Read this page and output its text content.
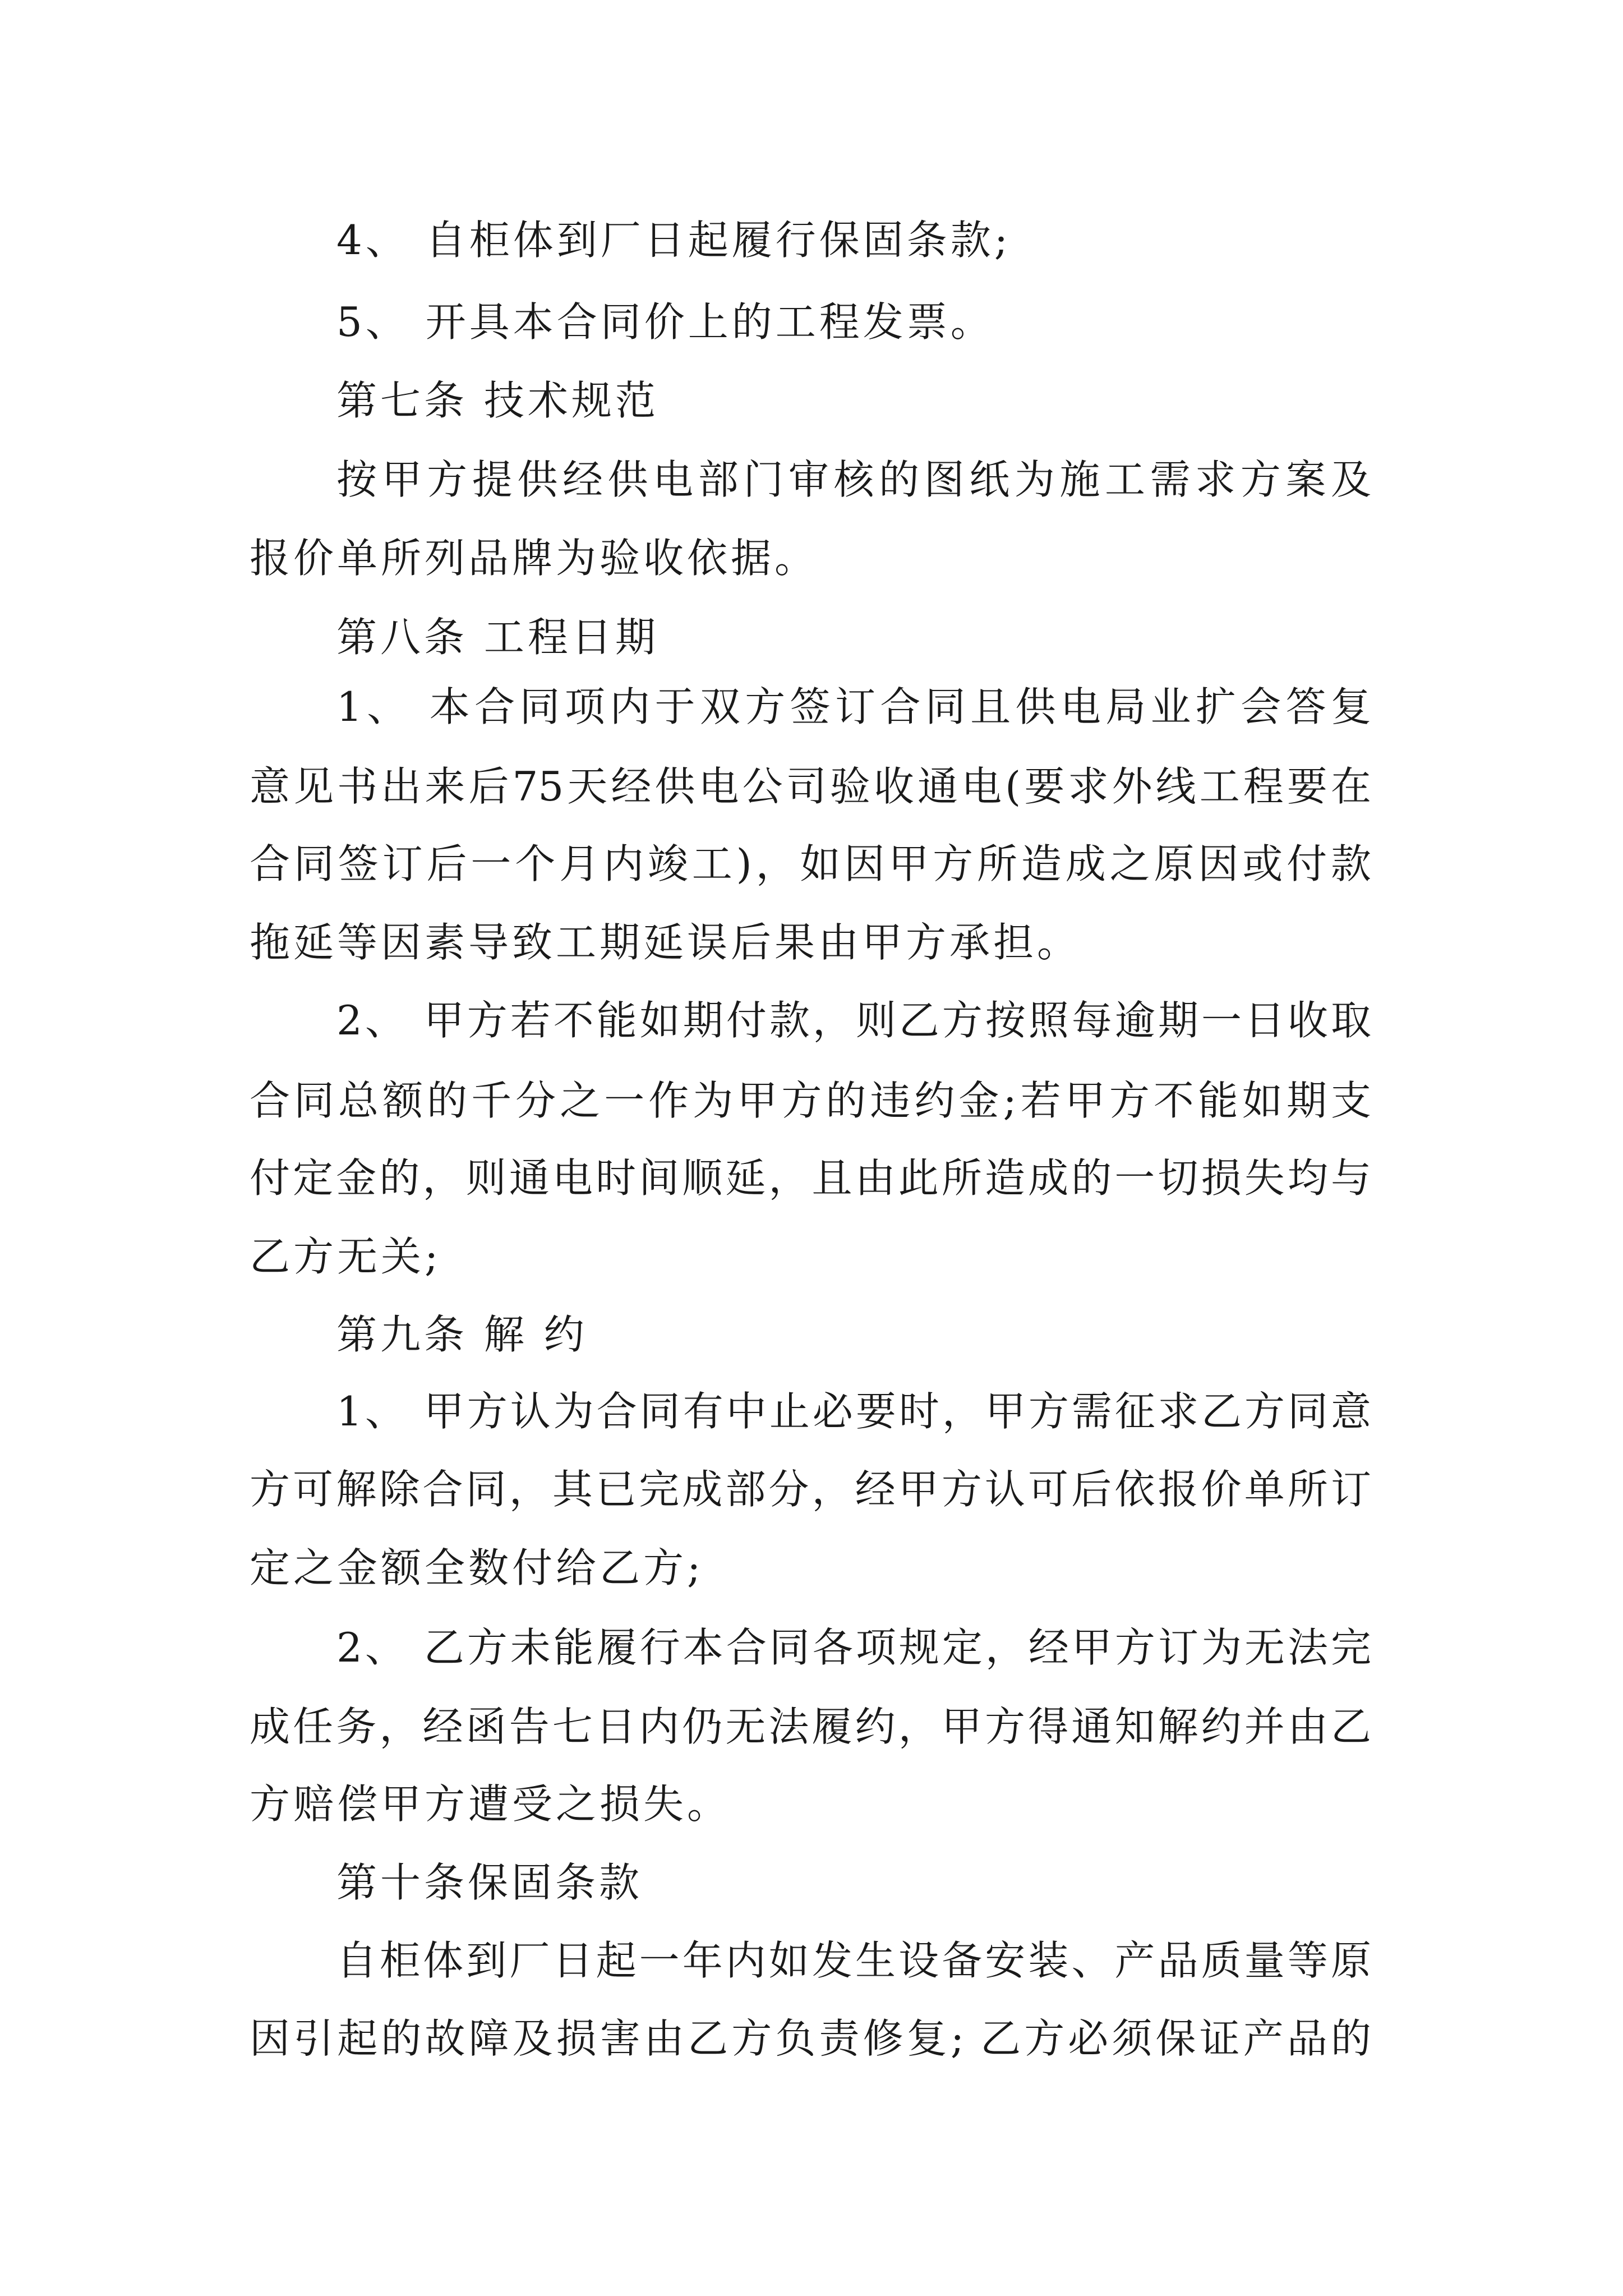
4、 自柜体到厂日起履行保固条款;
5、 开具本合同价上的工程发票。
第七条 技术规范
按甲方提供经供电部门审核的图纸为施工需求方案及
报价单所列品牌为验收依据。
第八条 工程日期
1、 本合同项内于双方签订合同且供电局业扩会答复
意见书出来后75天经供电公司验收通电(要求外线工程要在
合同签订后一个月内竣工)，如因甲方所造成之原因或付款
拖延等因素导致工期延误后果由甲方承担。
2、 甲方若不能如期付款，则乙方按照每逾期一日收取
合同总额的千分之一作为甲方的违约金;若甲方不能如期支
付定金的，则通电时间顺延，且由此所造成的一切损失均与
乙方无关;
第九条 解 约
1、 甲方认为合同有中止必要时，甲方需征求乙方同意
方可解除合同，其已完成部分，经甲方认可后依报价单所订
定之金额全数付给乙方;
2、 乙方未能履行本合同各项规定，经甲方订为无法完
成任务，经函告七日内仍无法履约，甲方得通知解约并由乙
方赔偿甲方遭受之损失。
第十条保固条款
自柜体到厂日起一年内如发生设备安装、产品质量等原
因引起的故障及损害由乙方负责修复; 乙方必须保证产品的
